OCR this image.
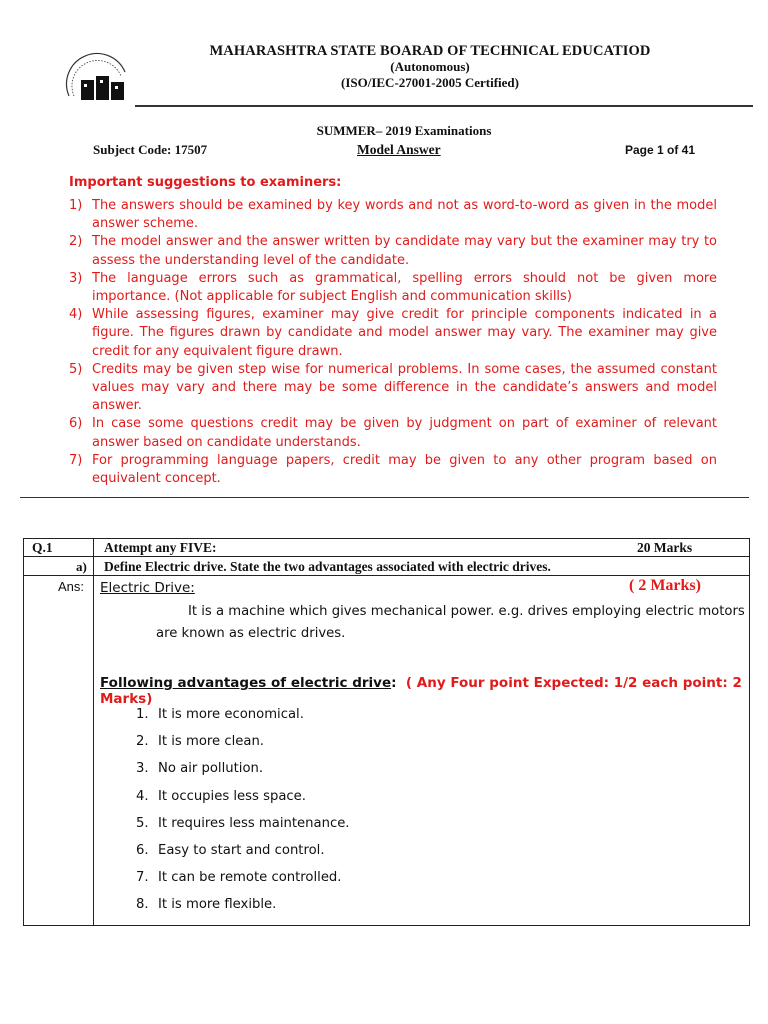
MAHARASHTRA STATE BOARAD OF TECHNICAL EDUCATIOD
(Autonomous)
(ISO/IEC-27001-2005 Certified)
SUMMER– 2019 Examinations
Subject Code: 17507	Model Answer	Page 1 of 41
Important suggestions to examiners:
1) The answers should be examined by key words and not as word-to-word as given in the model answer scheme.
2) The model answer and the answer written by candidate may vary but the examiner may try to assess the understanding level of the candidate.
3) The language errors such as grammatical, spelling errors should not be given more importance. (Not applicable for subject English and communication skills)
4) While assessing figures, examiner may give credit for principle components indicated in a figure. The figures drawn by candidate and model answer may vary. The examiner may give credit for any equivalent figure drawn.
5) Credits may be given step wise for numerical problems. In some cases, the assumed constant values may vary and there may be some difference in the candidate’s answers and model answer.
6) In case some questions credit may be given by judgment on part of examiner of relevant answer based on candidate understands.
7) For programming language papers, credit may be given to any other program based on equivalent concept.
Q.1	Attempt any FIVE:	20 Marks
a) Define Electric drive. State the two advantages associated with electric drives.
Ans: Electric Drive:	( 2 Marks)

It is a machine which gives mechanical power. e.g. drives employing electric motors are known as electric drives.

Following advantages of electric drive: ( Any Four point Expected: 1/2 each point: 2 Marks)
1. It is more economical.
2. It is more clean.
3. No air pollution.
4. It occupies less space.
5. It requires less maintenance.
6. Easy to start and control.
7. It can be remote controlled.
8. It is more flexible.
